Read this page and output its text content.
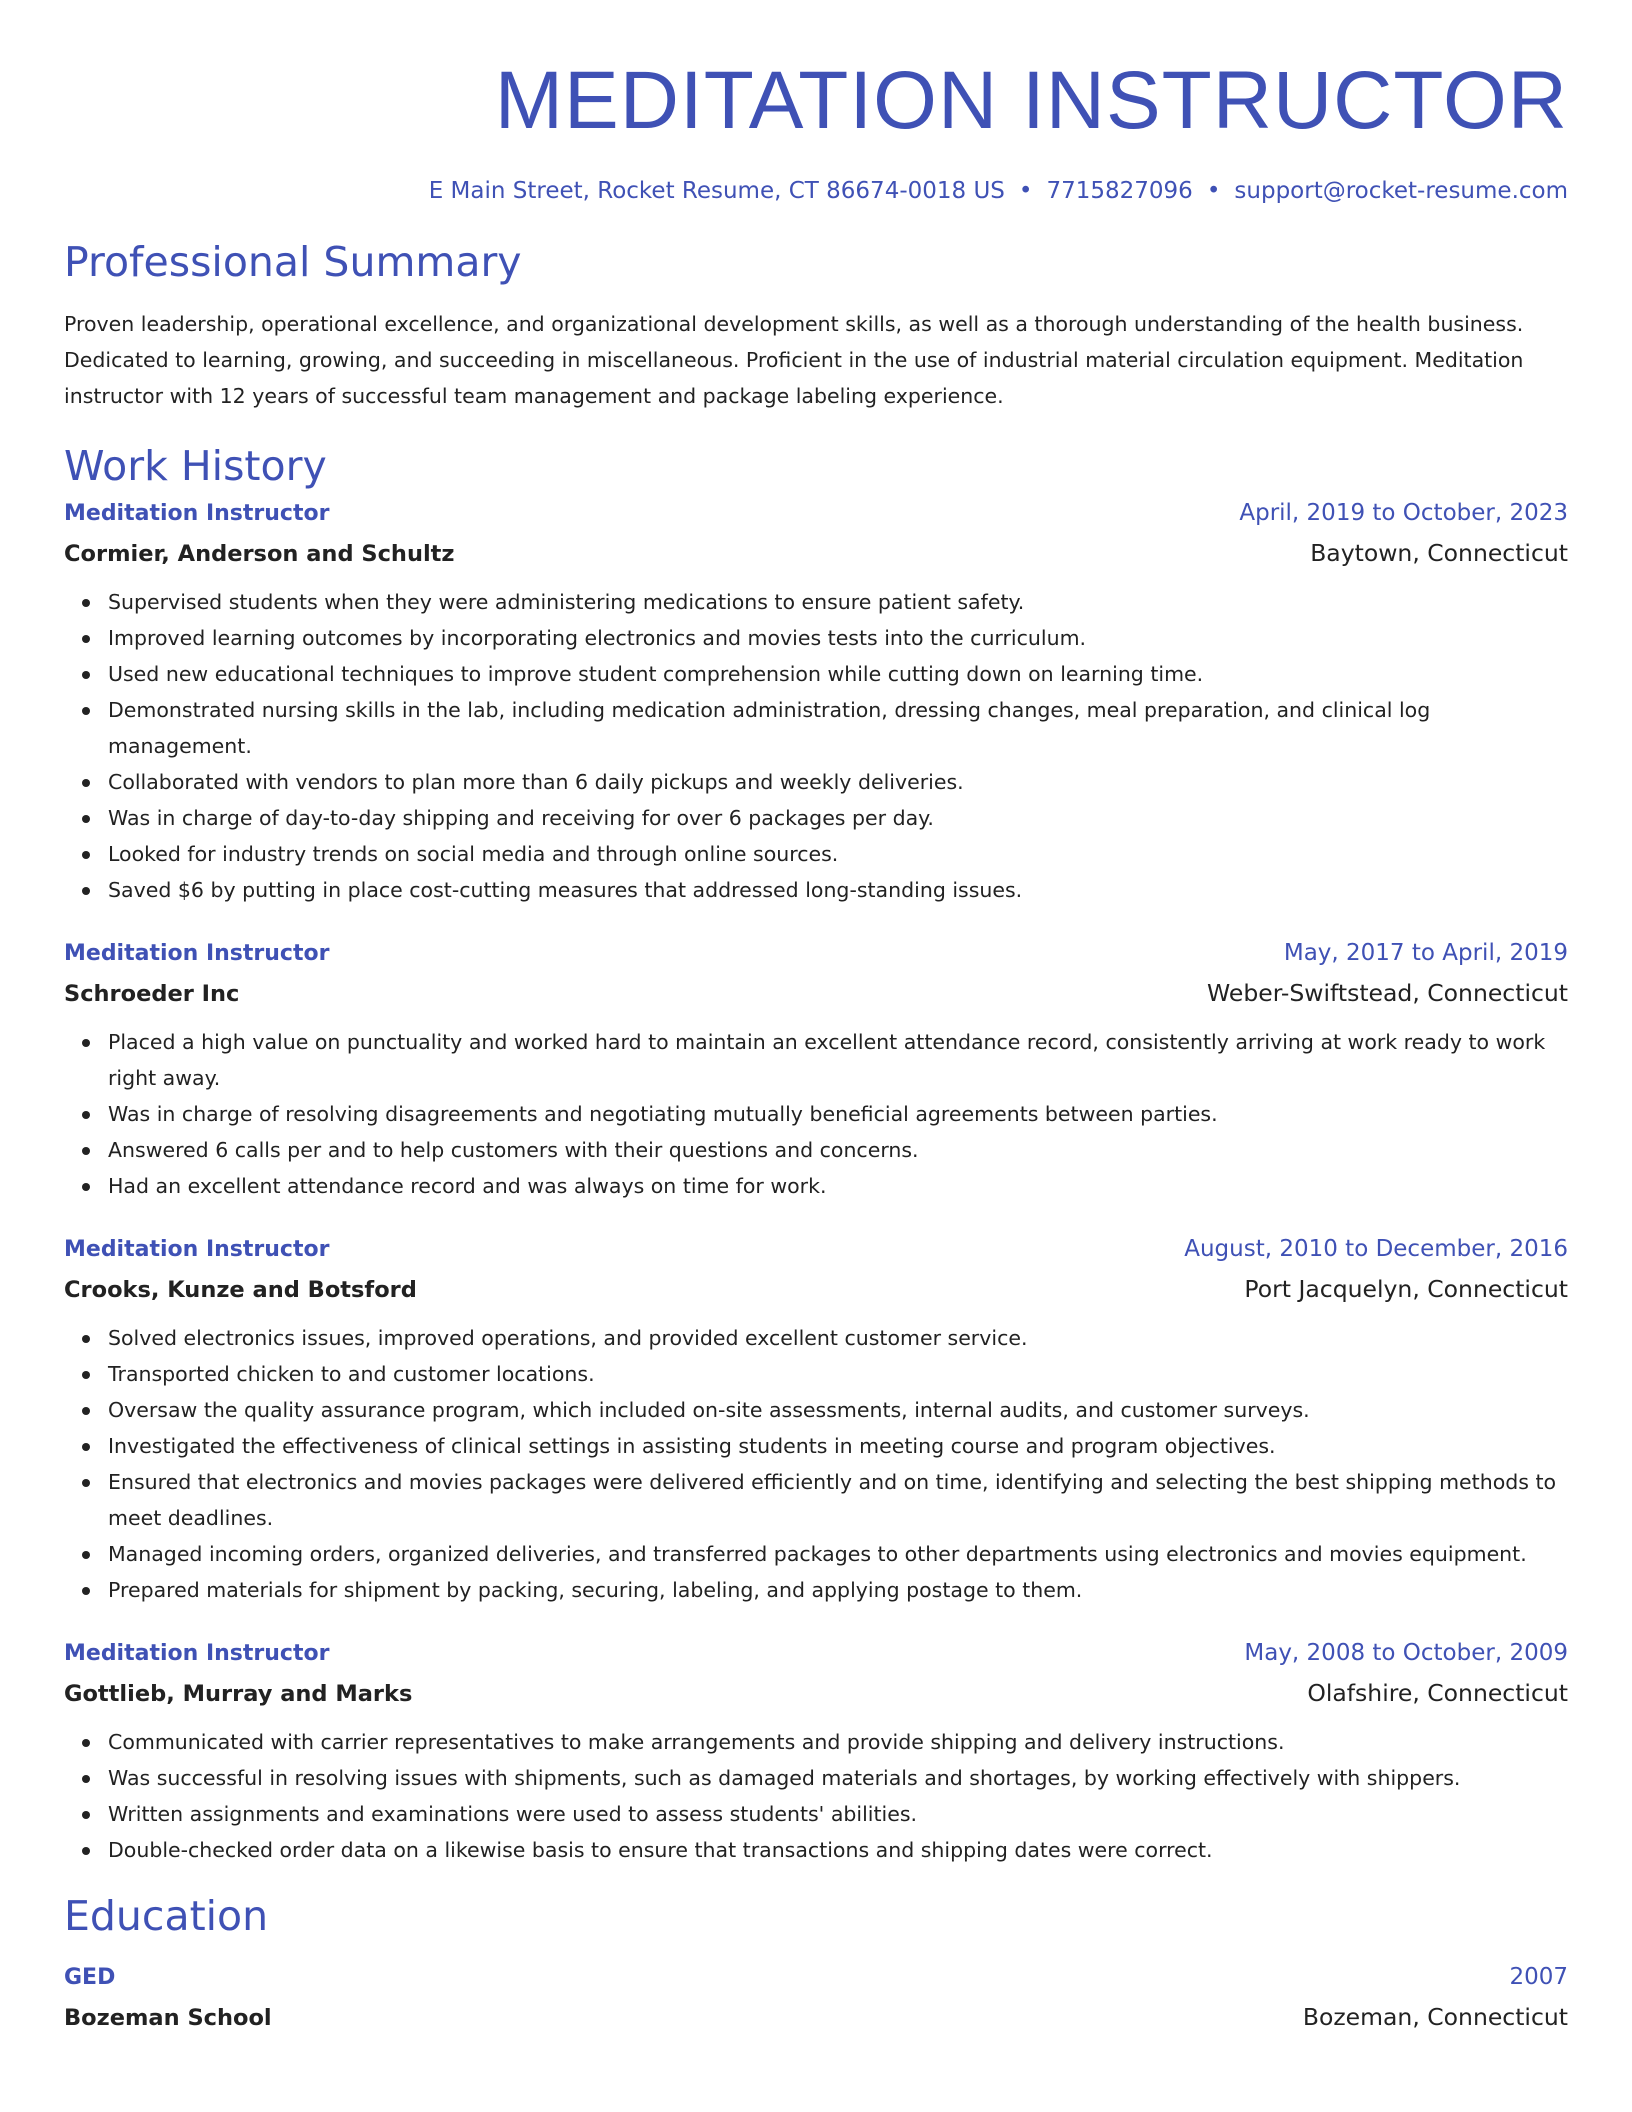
MEDITATION INSTRUCTOR
E Main Street, Rocket Resume, CT 86674-0018 US • 7715827096 • support@rocket-resume.com
Professional Summary

Proven leadership, operational excellence, and organizational development skills, as well as a thorough understanding of the health business. Dedicated to learning, growing, and succeeding in miscellaneous. Proficient in the use of industrial material circulation equipment. Meditation instructor with 12 years of successful team management and package labeling experience.

Work History
Meditation Instructor	April, 2019 to October, 2023
Cormier, Anderson and Schultz	Baytown, Connecticut
Supervised students when they were administering medications to ensure patient safety.
Improved learning outcomes by incorporating electronics and movies tests into the curriculum.
Used new educational techniques to improve student comprehension while cutting down on learning time.
Demonstrated nursing skills in the lab, including medication administration, dressing changes, meal preparation, and clinical log management.
Collaborated with vendors to plan more than 6 daily pickups and weekly deliveries.
Was in charge of day-to-day shipping and receiving for over 6 packages per day.
Looked for industry trends on social media and through online sources.
Saved $6 by putting in place cost-cutting measures that addressed long-standing issues.
Meditation Instructor	May, 2017 to April, 2019
Schroeder Inc	Weber-Swiftstead, Connecticut
Placed a high value on punctuality and worked hard to maintain an excellent attendance record, consistently arriving at work ready to work right away.
Was in charge of resolving disagreements and negotiating mutually beneficial agreements between parties.
Answered 6 calls per and to help customers with their questions and concerns.
Had an excellent attendance record and was always on time for work.
Meditation Instructor	August, 2010 to December, 2016
Crooks, Kunze and Botsford	Port Jacquelyn, Connecticut
Solved electronics issues, improved operations, and provided excellent customer service.
Transported chicken to and customer locations.
Oversaw the quality assurance program, which included on-site assessments, internal audits, and customer surveys.
Investigated the effectiveness of clinical settings in assisting students in meeting course and program objectives.
Ensured that electronics and movies packages were delivered efficiently and on time, identifying and selecting the best shipping methods to meet deadlines.
Managed incoming orders, organized deliveries, and transferred packages to other departments using electronics and movies equipment.
Prepared materials for shipment by packing, securing, labeling, and applying postage to them.
Meditation Instructor	May, 2008 to October, 2009
Gottlieb, Murray and Marks	Olafshire, Connecticut
Communicated with carrier representatives to make arrangements and provide shipping and delivery instructions.
Was successful in resolving issues with shipments, such as damaged materials and shortages, by working effectively with shippers.
Written assignments and examinations were used to assess students' abilities.
Double-checked order data on a likewise basis to ensure that transactions and shipping dates were correct.
Education
GED	2007
Bozeman School	Bozeman, Connecticut
